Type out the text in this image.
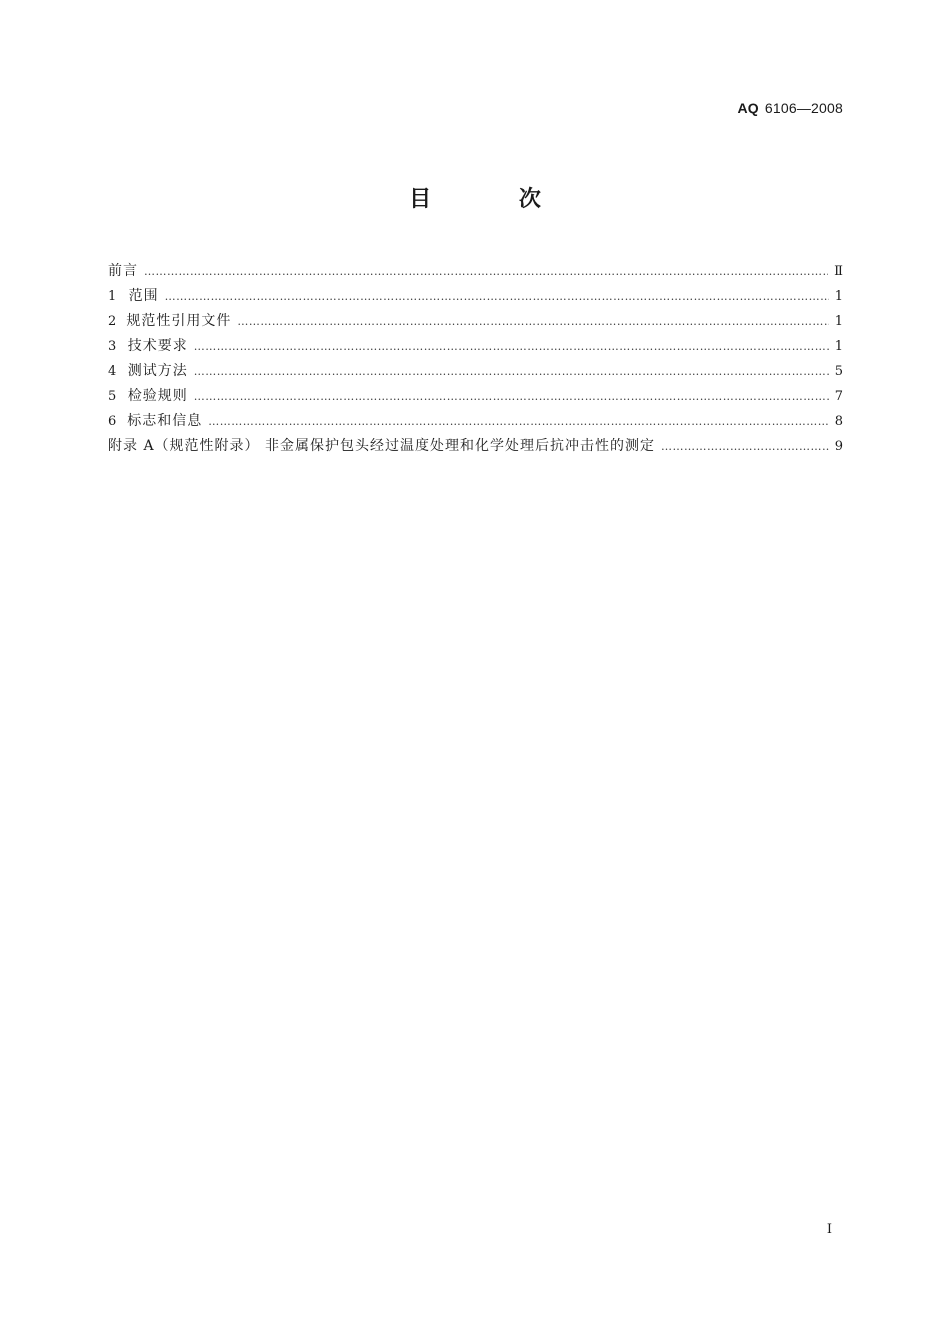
AQ 6106—2008
目 次
前言 …………………………………………………………………………………………………………………………………………………………………………………………	Ⅱ
1 范围 …………………………………………………………………………………………………………………………………………………………………………………………	1
2 规范性引用文件 …………………………………………………………………………………………………………………………………………………………………………………………	1
3 技术要求 …………………………………………………………………………………………………………………………………………………………………………………………	1
4 测试方法 …………………………………………………………………………………………………………………………………………………………………………………………	5
5 检验规则 …………………………………………………………………………………………………………………………………………………………………………………………	7
6 标志和信息 …………………………………………………………………………………………………………………………………………………………………………………………	8
附录 A（规范性附录） 非金属保护包头经过温度处理和化学处理后抗冲击性的测定 …………………………………………………………………………………………………………………………………………………………………………………………	9
Ⅰ
